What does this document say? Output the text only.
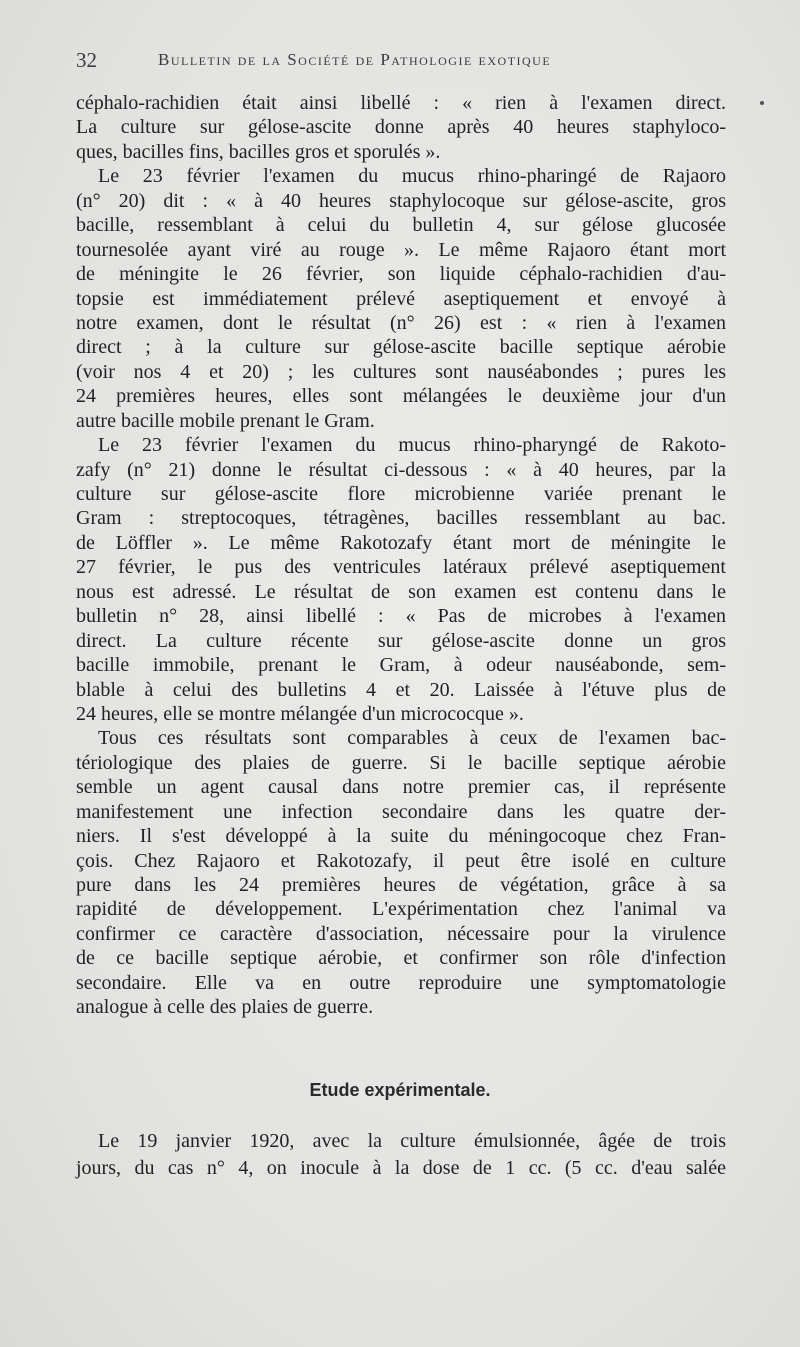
32	Bulletin de la Société de Pathologie exotique
céphalo-rachidien était ainsi libellé : « rien à l'examen direct.
La culture sur gélose-ascite donne après 40 heures staphyloco-
ques, bacilles fins, bacilles gros et sporulés ».
Le 23 février l'examen du mucus rhino-pharingé de Rajaoro
(n° 20) dit : « à 40 heures staphylocoque sur gélose-ascite, gros
bacille, ressemblant à celui du bulletin 4, sur gélose glucosée
tournesolée ayant viré au rouge ». Le même Rajaoro étant mort
de méningite le 26 février, son liquide céphalo-rachidien d'au-
topsie est immédiatement prélevé aseptiquement et envoyé à
notre examen, dont le résultat (n° 26) est : « rien à l'examen
direct ; à la culture sur gélose-ascite bacille septique aérobie
(voir nos 4 et 20) ; les cultures sont nauséabondes ; pures les
24 premières heures, elles sont mélangées le deuxième jour d'un
autre bacille mobile prenant le Gram.
Le 23 février l'examen du mucus rhino-pharyngé de Rakoto-
zafy (n° 21) donne le résultat ci-dessous : « à 40 heures, par la
culture sur gélose-ascite flore microbienne variée prenant le
Gram : streptocoques, tétragènes, bacilles ressemblant au bac.
de Löffler ». Le même Rakotozafy étant mort de méningite le
27 février, le pus des ventricules latéraux prélevé aseptiquement
nous est adressé. Le résultat de son examen est contenu dans le
bulletin n° 28, ainsi libellé : « Pas de microbes à l'examen
direct. La culture récente sur gélose-ascite donne un gros
bacille immobile, prenant le Gram, à odeur nauséabonde, sem-
blable à celui des bulletins 4 et 20. Laissée à l'étuve plus de
24 heures, elle se montre mélangée d'un micrococque ».
Tous ces résultats sont comparables à ceux de l'examen bac-
tériologique des plaies de guerre. Si le bacille septique aérobie
semble un agent causal dans notre premier cas, il représente
manifestement une infection secondaire dans les quatre der-
niers. Il s'est développé à la suite du méningocoque chez Fran-
çois. Chez Rajaoro et Rakotozafy, il peut être isolé en culture
pure dans les 24 premières heures de végétation, grâce à sa
rapidité de développement. L'expérimentation chez l'animal va
confirmer ce caractère d'association, nécessaire pour la virulence
de ce bacille septique aérobie, et confirmer son rôle d'infection
secondaire. Elle va en outre reproduire une symptomatologie
analogue à celle des plaies de guerre.
Etude expérimentale.
Le 19 janvier 1920, avec la culture émulsionnée, âgée de trois
jours, du cas n° 4, on inocule à la dose de 1 cc. (5 cc. d'eau salée
